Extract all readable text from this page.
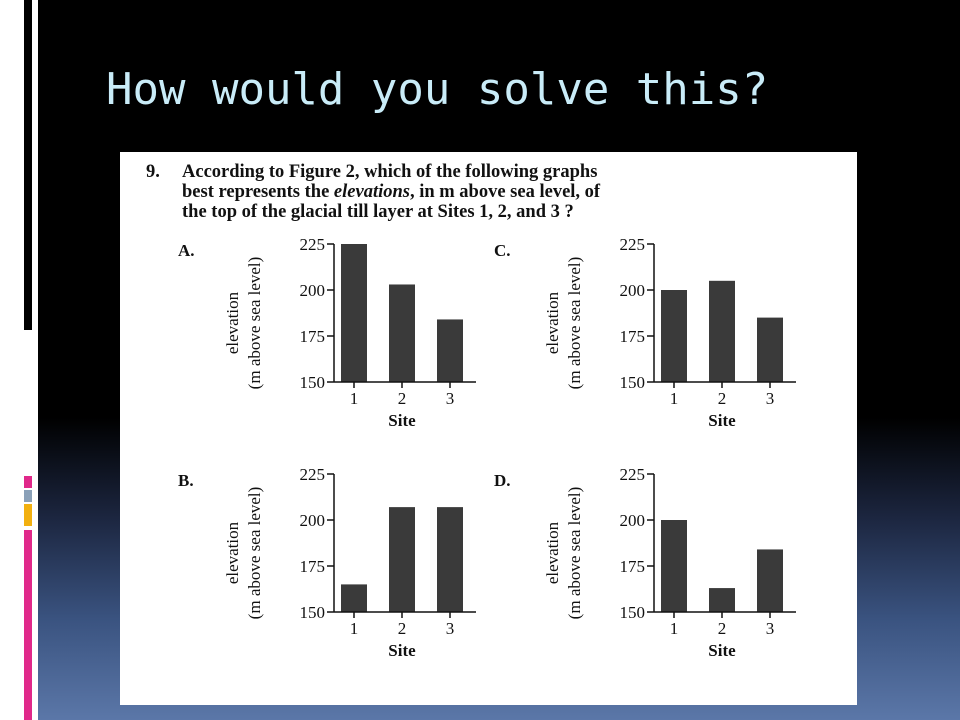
How would you solve this?
9. According to Figure 2, which of the following graphs
best represents the elevations, in m above sea level, of
the top of the glacial till layer at Sites 1, 2, and 3 ?
A.
150
175
200
225
1 2 3
Site
elevation (m above sea level)
C.
150
175
200
225
1 2 3
Site
elevation (m above sea level)
B.
150
175
200
225
1 2 3
Site
elevation (m above sea level)
D.
150
175
200
225
1 2 3
Site
elevation (m above sea level)
